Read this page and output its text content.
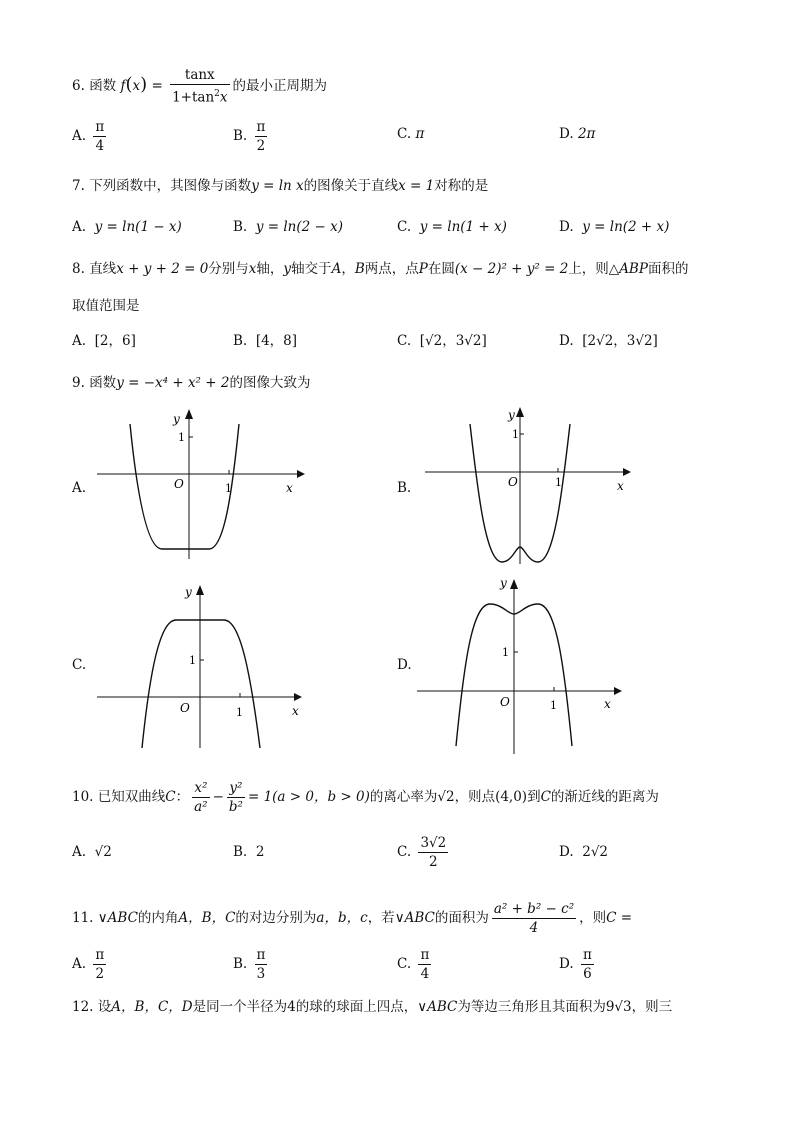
6. 函数 $f(x) = \frac{\tan x}{1+\tan^2x}$ 的最小正周期为
A. $\frac{\pi}{4}$	B. $\frac{\pi}{2}$	C. π	D. 2π
7. 下列函数中，其图像与函数y = ln x的图像关于直线x = 1对称的是
A. y = ln(1 − x)	B. y = ln(2 − x)	C. y = ln(1 + x)	D. y = ln(2 + x)
8. 直线x + y + 2 = 0分别与x轴，y轴交于A，B两点，点P在圆(x − 2)² + y² = 2上，则△ABP面积的
取值范围是
A. [2，6]	B. [4，8]	C. [√2，3√2]	D. [2√2，3√2]
9. 函数y = −x⁴ + x² + 2的图像大致为
A.
y
1
O	1	x	B.
y
1
O	1	x
C.
y
1
O	1	x
D.
y
1
O	1	x
10. 已知双曲线C： $\frac{\text{x²}}{\text{a²}} - \frac{\text{y²}}{\text{b²}} = 1(a > 0$，b > 0)的离心率为√2，则点(4,0)到C的渐近线的距离为
A. √2	B. 2	C. $\frac{3√2}{2}$	D. 2√2
11. ∨ABC的内角A，B，C的对边分别为a，b，c，若∨ABC的面积为 $\frac{\text{a² + b² − c²}}{4}$ ，则C =
A. $\frac{\pi}{2}$	B. $\frac{\pi}{3}$	C. $\frac{\pi}{4}$	D. $\frac{\pi}{6}$
12. 设A，B，C，D是同一个半径为4的球的球面上四点，∨ABC为等边三角形且其面积为9√3，则三
